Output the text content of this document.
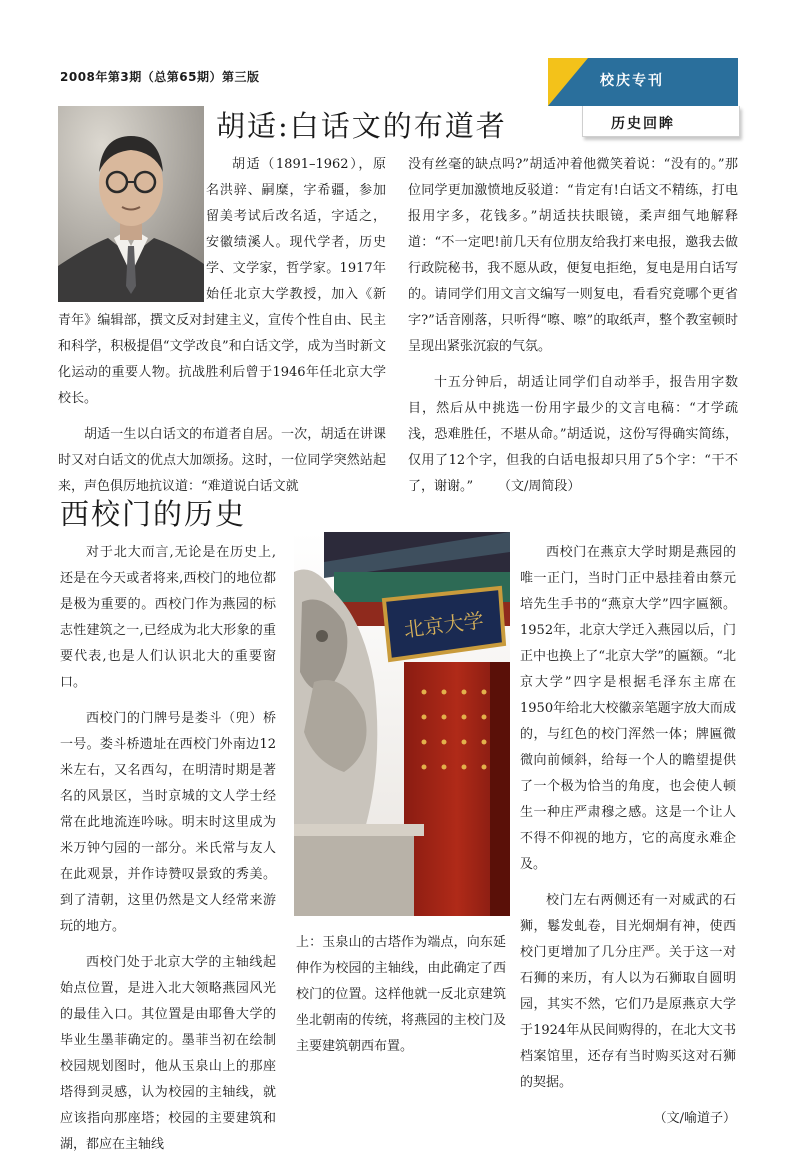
2008年第3期（总第65期）第三版	校庆专刊
历史回眸
胡适:白话文的布道者

胡适（1891–1962），原名洪骍、嗣糜，字希疆，参加留美考试后改名适，字适之，安徽绩溪人。现代学者，历史学、文学家，哲学家。1917年始任北京大学教授，加入《新青年》编辑部，撰文反对封建主义，宣传个性自由、民主和科学，积极提倡“文学改良”和白话文学，成为当时新文化运动的重要人物。抗战胜利后曾于1946年任北京大学校长。

胡适一生以白话文的布道者自居。一次，胡适在讲课时又对白话文的优点大加颂扬。这时，一位同学突然站起来，声色俱厉地抗议道：“难道说白话文就

没有丝毫的缺点吗?”胡适冲着他微笑着说：“没有的。”那位同学更加激愤地反驳道：“肯定有!白话文不精练，打电报用字多，花钱多。”胡适扶扶眼镜，柔声细气地解释道：“不一定吧!前几天有位朋友给我打来电报，邀我去做行政院秘书，我不愿从政，便复电拒绝，复电是用白话写的。请同学们用文言文编写一则复电，看看究竟哪个更省字?”话音刚落，只听得“嚓、嚓”的取纸声，整个教室顿时呈现出紧张沉寂的气氛。

十五分钟后，胡适让同学们自动举手，报告用字数目，然后从中挑选一份用字最少的文言电稿：“才学疏浅，恐难胜任，不堪从命。”胡适说，这份写得确实简练，仅用了12个字，但我的白话电报却只用了5个字：“干不了，谢谢。” （文/周简段）

西校门的历史

对于北大而言,无论是在历史上,还是在今天或者将来,西校门的地位都是极为重要的。西校门作为燕园的标志性建筑之一,已经成为北大形象的重要代表,也是人们认识北大的重要窗口。

西校门的门牌号是娄斗（兜）桥一号。娄斗桥遗址在西校门外南边12米左右，又名西勾，在明清时期是著名的风景区，当时京城的文人学士经常在此地流连吟咏。明末时这里成为米万钟勺园的一部分。米氏常与友人在此观景，并作诗赞叹景致的秀美。到了清朝，这里仍然是文人经常来游玩的地方。

西校门处于北京大学的主轴线起始点位置，是进入北大领略燕园风光的最佳入口。其位置是由耶鲁大学的毕业生墨菲确定的。墨菲当初在绘制校园规划图时，他从玉泉山上的那座塔得到灵感，认为校园的主轴线，就应该指向那座塔；校园的主要建筑和湖，都应在主轴线

北京大学

上：玉泉山的古塔作为端点，向东延伸作为校园的主轴线，由此确定了西校门的位置。这样他就一反北京建筑坐北朝南的传统，将燕园的主校门及主要建筑朝西布置。

西校门在燕京大学时期是燕园的唯一正门，当时门正中悬挂着由蔡元培先生手书的“燕京大学”四字匾额。1952年，北京大学迁入燕园以后，门正中也换上了“北京大学”的匾额。“北京大学”四字是根据毛泽东主席在1950年给北大校徽亲笔题字放大而成的，与红色的校门浑然一体；牌匾微微向前倾斜，给每一个人的瞻望提供了一个极为恰当的角度，也会使人顿生一种庄严肃穆之感。这是一个让人不得不仰视的地方，它的高度永难企及。

校门左右两侧还有一对威武的石狮，鬈发虬卷，目光炯炯有神，使西校门更增加了几分庄严。关于这一对石狮的来历，有人以为石狮取自圆明园，其实不然，它们乃是原燕京大学于1924年从民间购得的，在北大文书档案馆里，还存有当时购买这对石狮的契据。

（文/喻道子）
